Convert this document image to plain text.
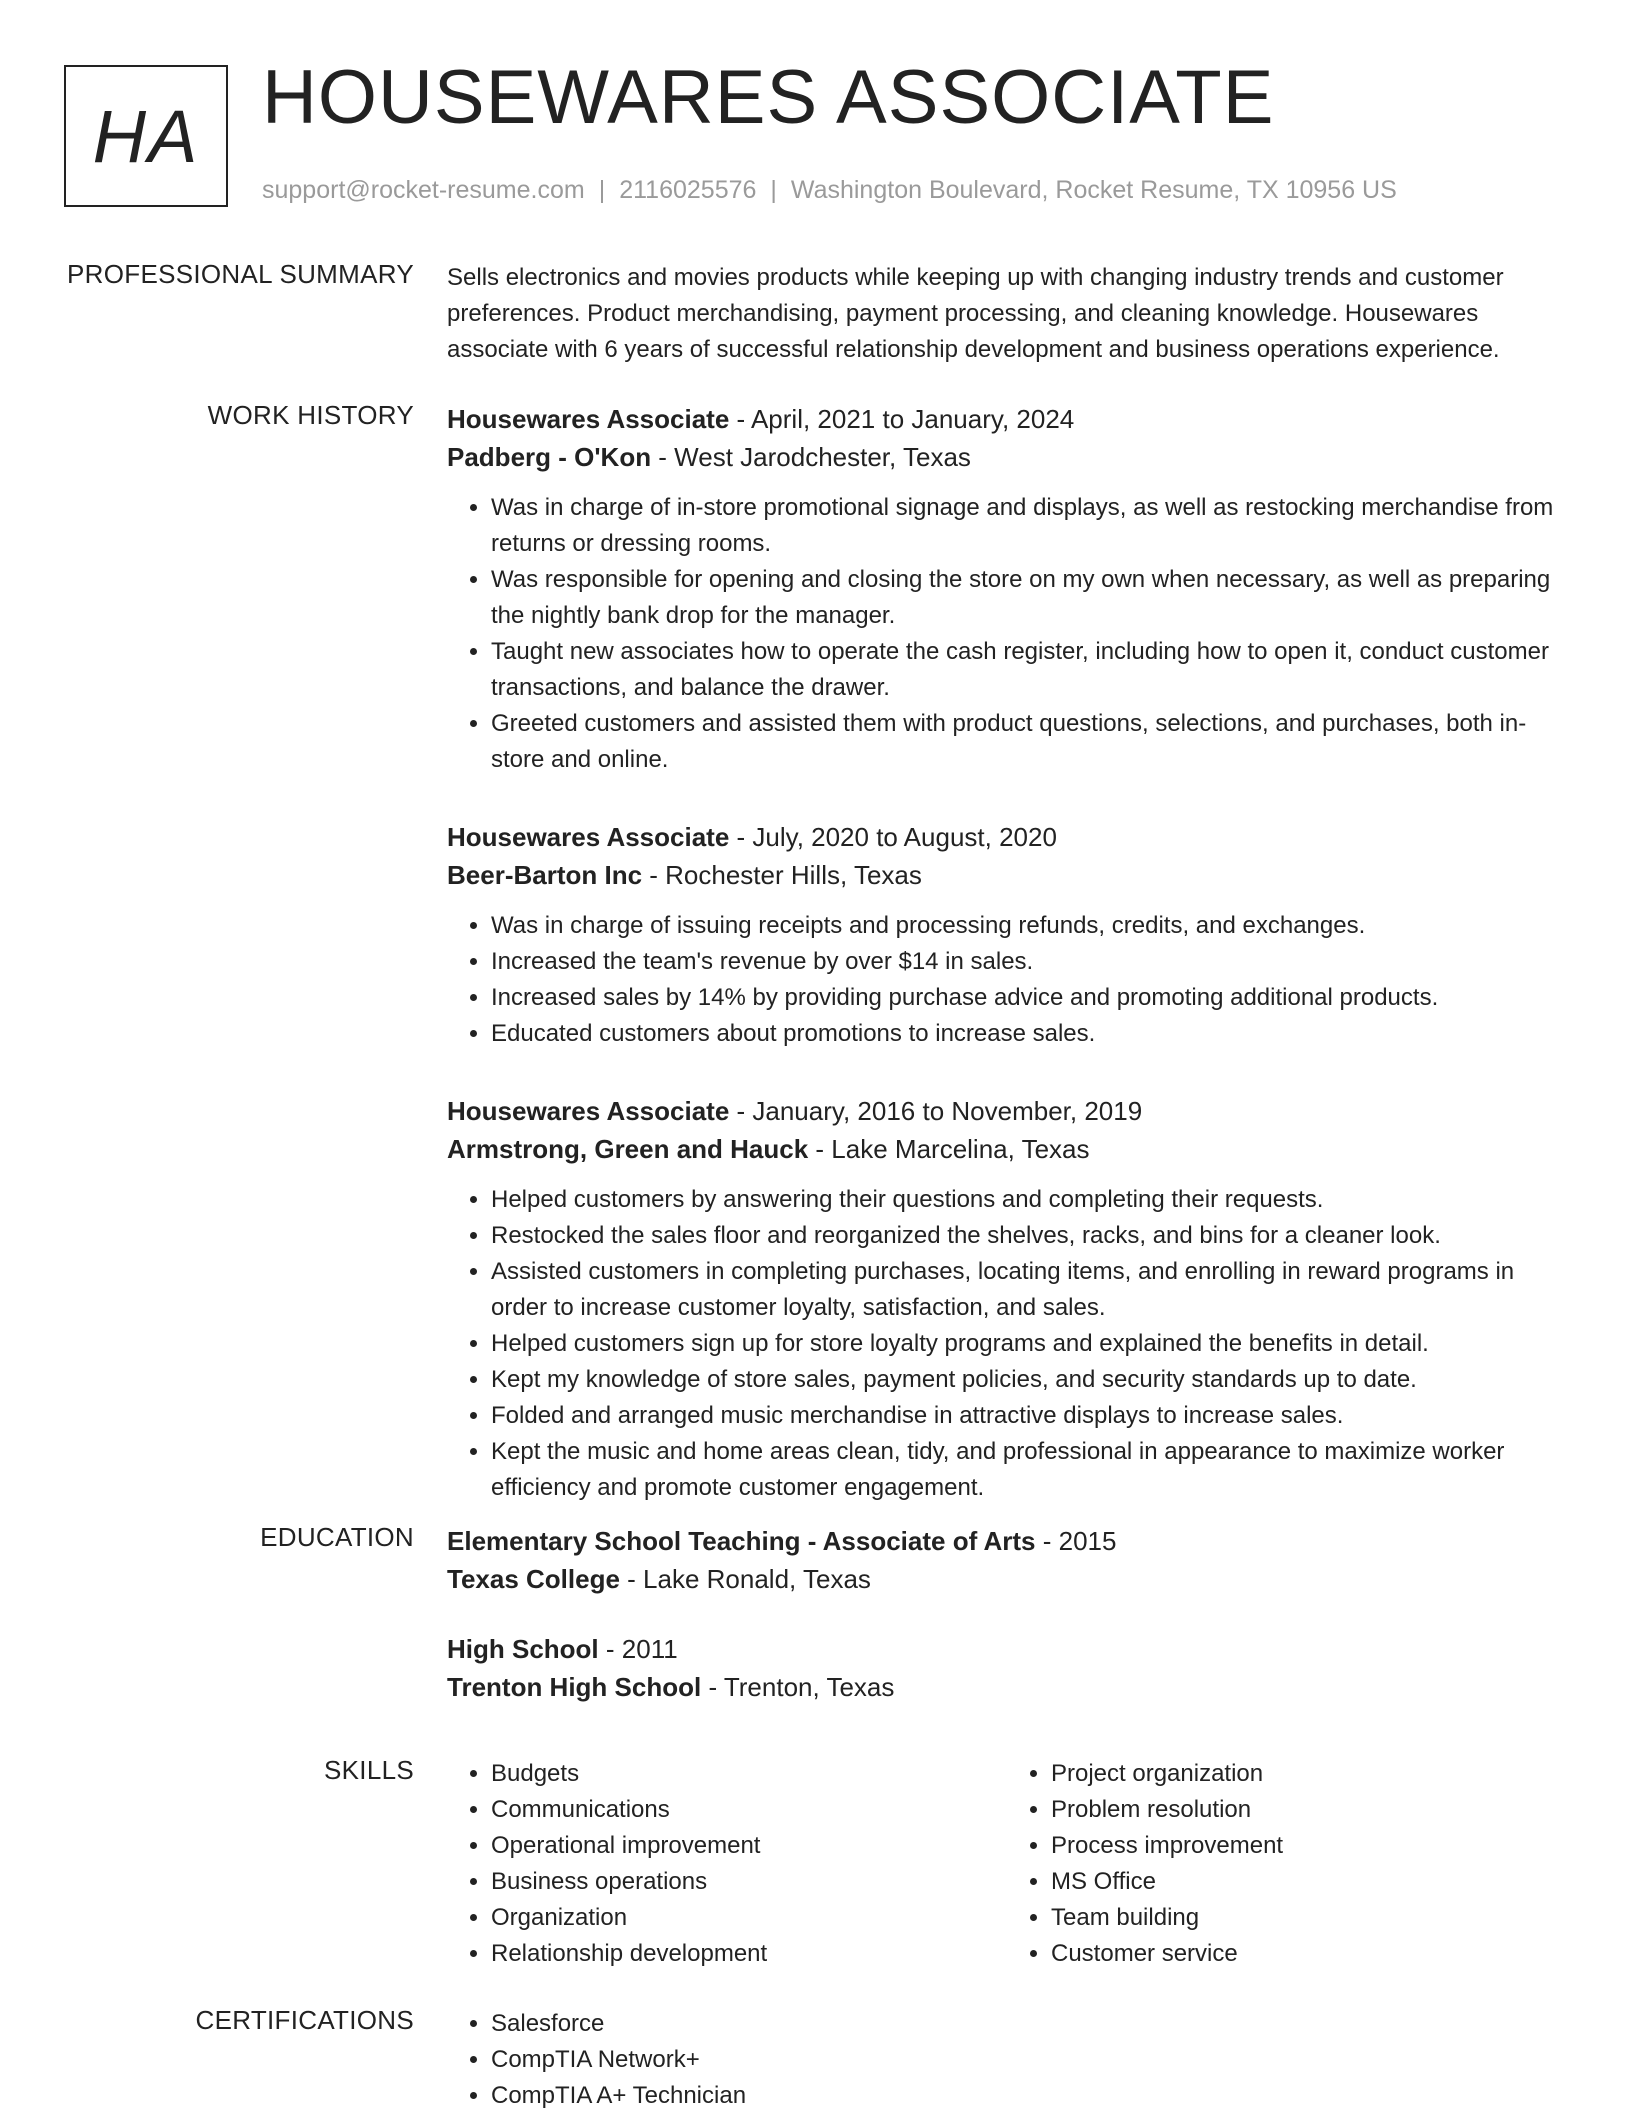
HA HOUSEWARES ASSOCIATE
support@rocket-resume.com | 2116025576 | Washington Boulevard, Rocket Resume, TX 10956 US
PROFESSIONAL SUMMARY Sells electronics and movies products while keeping up with changing industry trends and customer preferences. Product merchandising, payment processing, and cleaning knowledge. Housewares associate with 6 years of successful relationship development and business operations experience.

WORK HISTORY Housewares Associate - April, 2021 to January, 2024

Padberg - O'Kon - West Jarodchester, Texas

• Was in charge of in-store promotional signage and displays, as well as restocking merchandise from returns or dressing rooms.
• Was responsible for opening and closing the store on my own when necessary, as well as preparing the nightly bank drop for the manager.
• Taught new associates how to operate the cash register, including how to open it, conduct customer transactions, and balance the drawer.
• Greeted customers and assisted them with product questions, selections, and purchases, both in-store and online.

Housewares Associate - July, 2020 to August, 2020

Beer-Barton Inc - Rochester Hills, Texas

• Was in charge of issuing receipts and processing refunds, credits, and exchanges.
• Increased the team's revenue by over $14 in sales.
• Increased sales by 14% by providing purchase advice and promoting additional products.
• Educated customers about promotions to increase sales.

Housewares Associate - January, 2016 to November, 2019

Armstrong, Green and Hauck - Lake Marcelina, Texas

• Helped customers by answering their questions and completing their requests.
• Restocked the sales floor and reorganized the shelves, racks, and bins for a cleaner look.
• Assisted customers in completing purchases, locating items, and enrolling in reward programs in order to increase customer loyalty, satisfaction, and sales.
• Helped customers sign up for store loyalty programs and explained the benefits in detail.
• Kept my knowledge of store sales, payment policies, and security standards up to date.
• Folded and arranged music merchandise in attractive displays to increase sales.
• Kept the music and home areas clean, tidy, and professional in appearance to maximize worker efficiency and promote customer engagement.
EDUCATION Elementary School Teaching - Associate of Arts - 2015

Texas College - Lake Ronald, Texas

High School - 2011

Trenton High School - Trenton, Texas

SKILLS	• Budgets
• Communications
• Operational improvement
• Business operations
• Organization
• Relationship development
• Project organization
• Problem resolution
• Process improvement
• MS Office
• Team building
• Customer service
CERTIFICATIONS	• Salesforce
• CompTIA Network+
• CompTIA A+ Technician
